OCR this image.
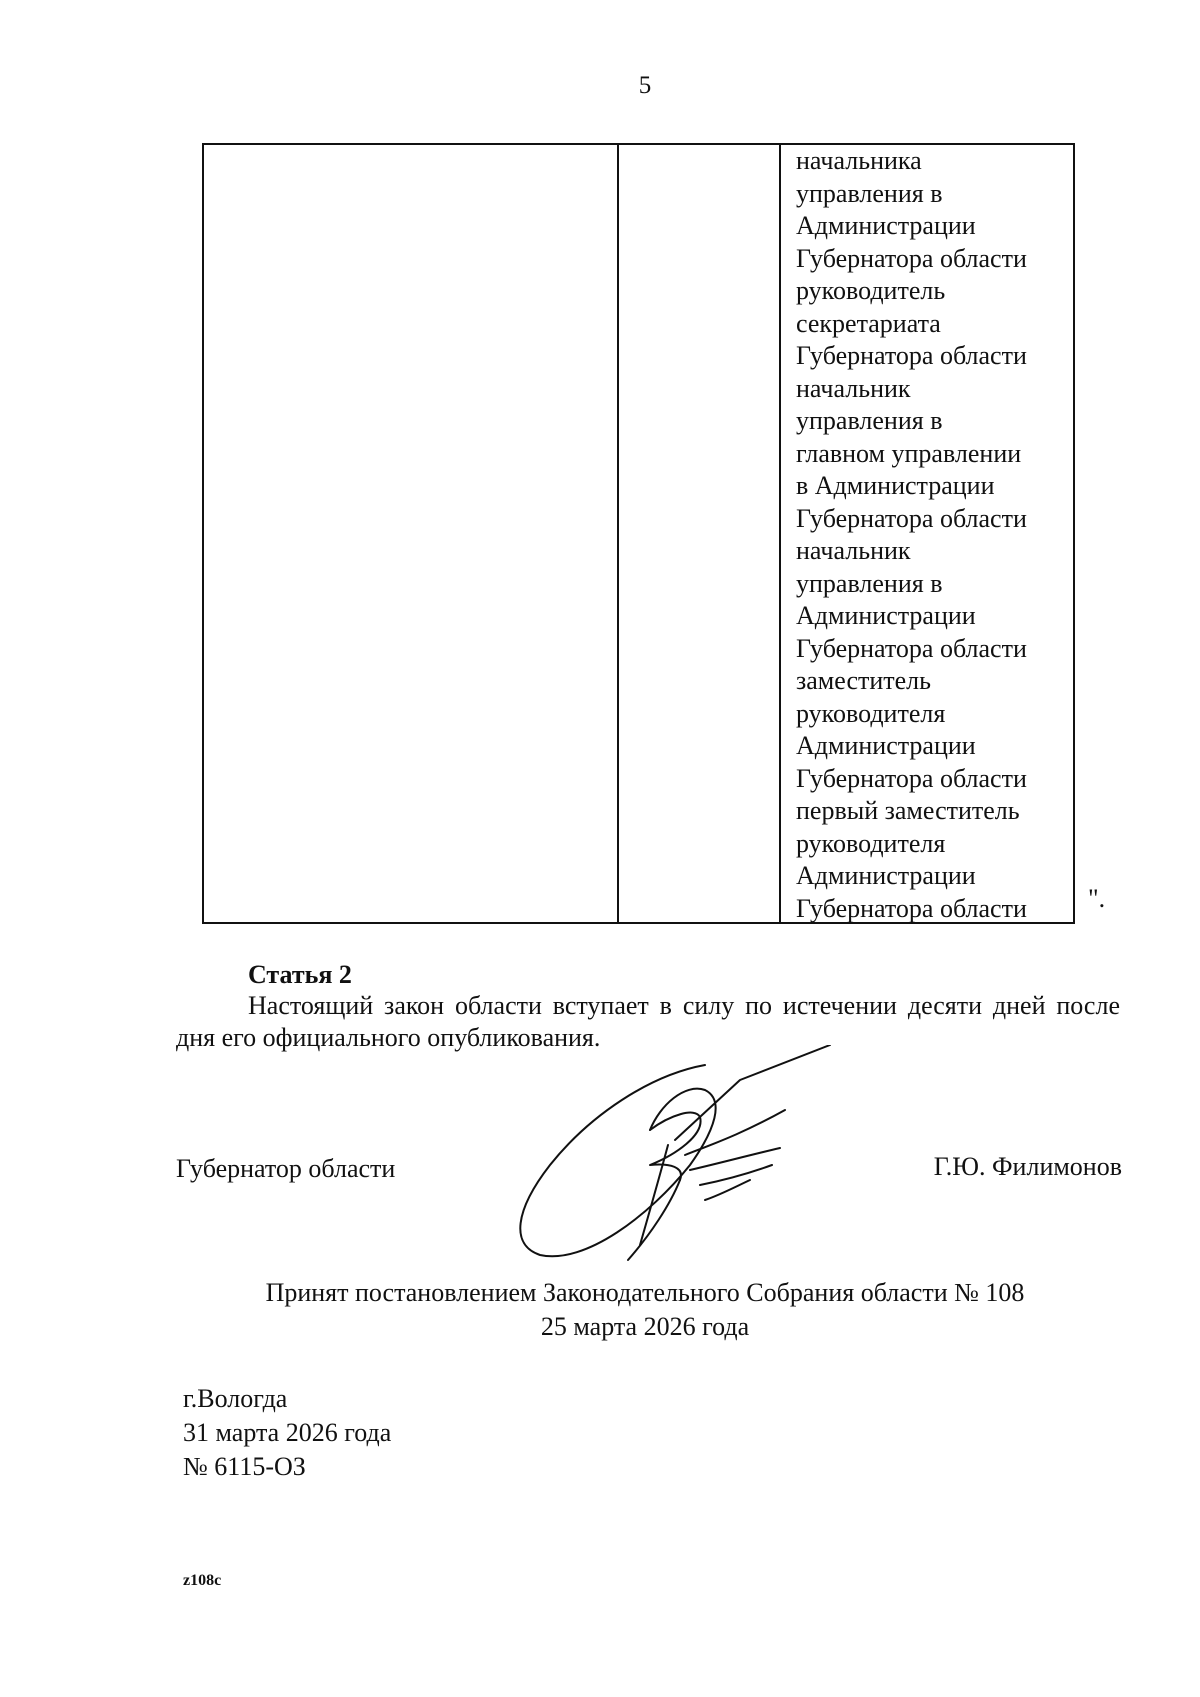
5
начальника
управления в
Администрации
Губернатора области
руководитель
секретариата
Губернатора области
начальник
управления в
главном управлении
в Администрации
Губернатора области
начальник
управления в
Администрации
Губернатора области
заместитель
руководителя
Администрации
Губернатора области
первый заместитель
руководителя
Администрации
Губернатора области	".
Статья 2
Настоящий закон области вступает в силу по истечении десяти дней после дня его официального опубликования.
Губернатор области	Г.Ю. Филимонов
Принят постановлением Законодательного Собрания области № 108
25 марта 2026 года
г.Вологда
31 марта 2026 года
№ 6115-ОЗ
z108c
